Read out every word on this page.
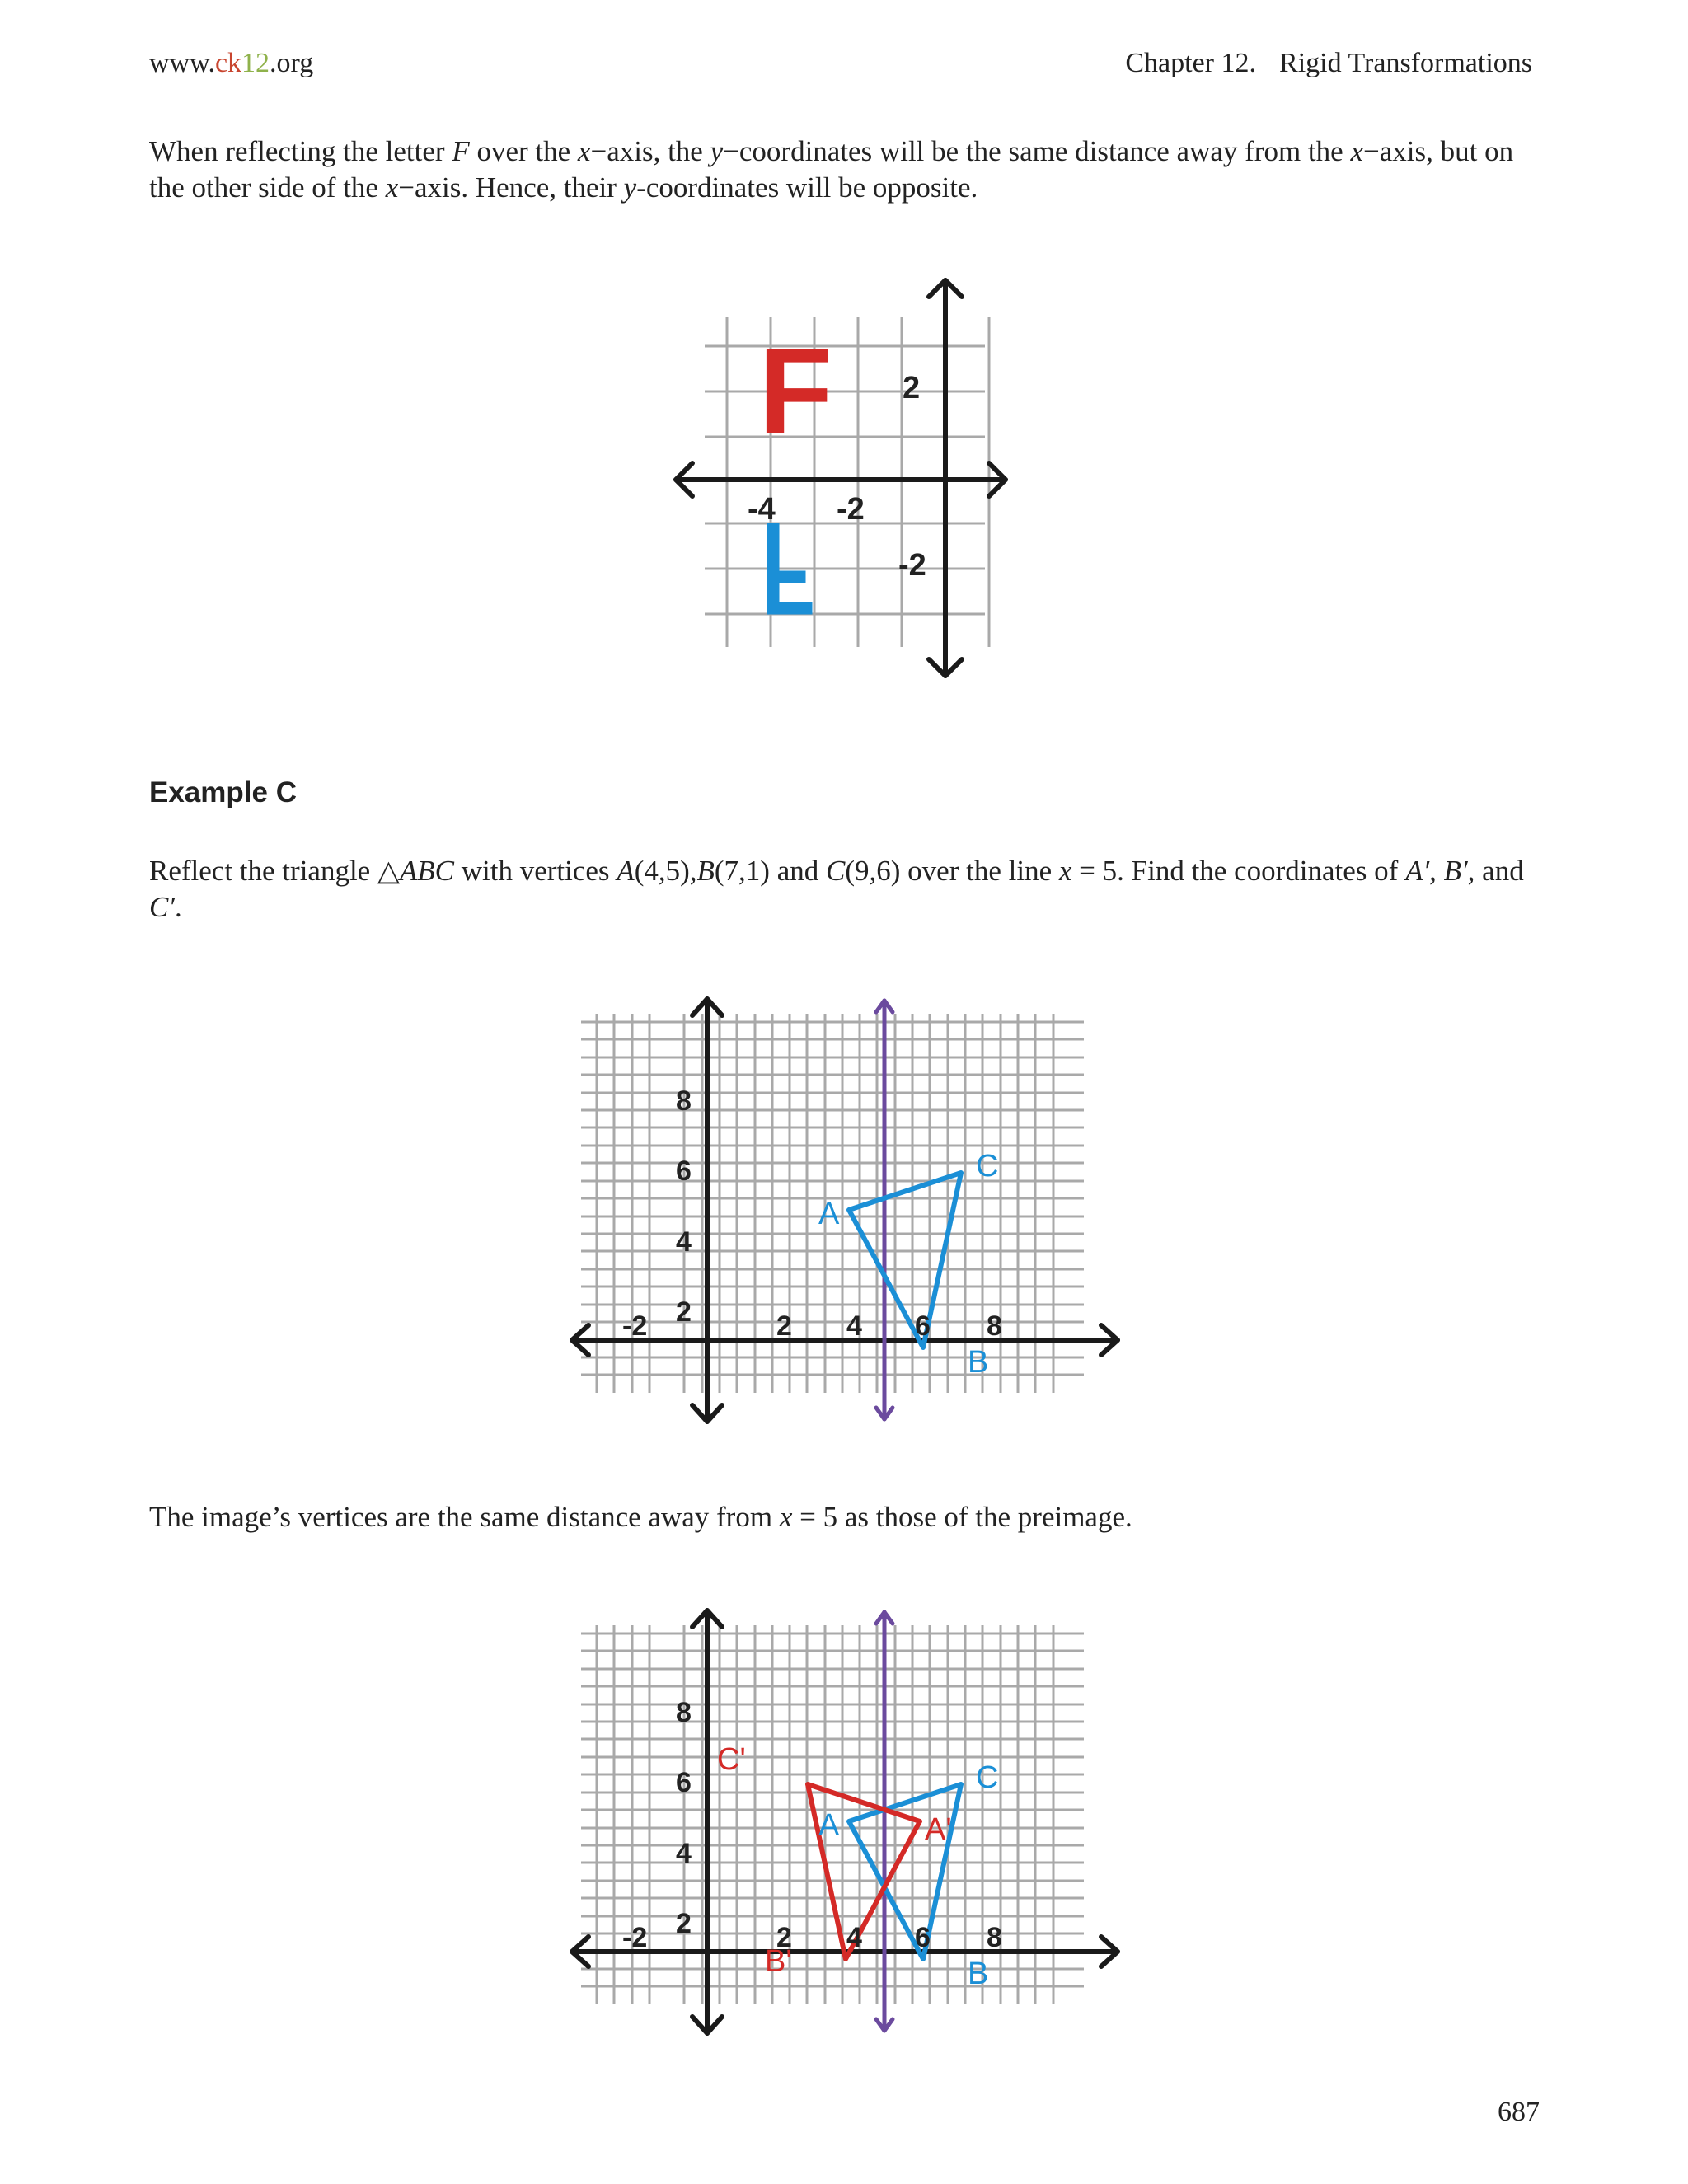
www.ck12.org	Chapter 12. Rigid Transformations

When reflecting the letter F over the x−axis, the y−coordinates will be the same distance away from the x−axis, but on the other side of the x−axis. Hence, their y-coordinates will be opposite.

F 2
-4 -2
-2
Example C

Reflect the triangle △ABC with vertices A(4,5),B(7,1) and C(9,6) over the line x = 5. Find the coordinates of A′, B′, and C′.

A
B
C
-2	2 4 6 8
8
6
4
2

The image’s vertices are the same distance away from x = 5 as those of the preimage.

A
B
C
A'
B'
C'
-2	2 4 6 8
8
6
4
2
687
